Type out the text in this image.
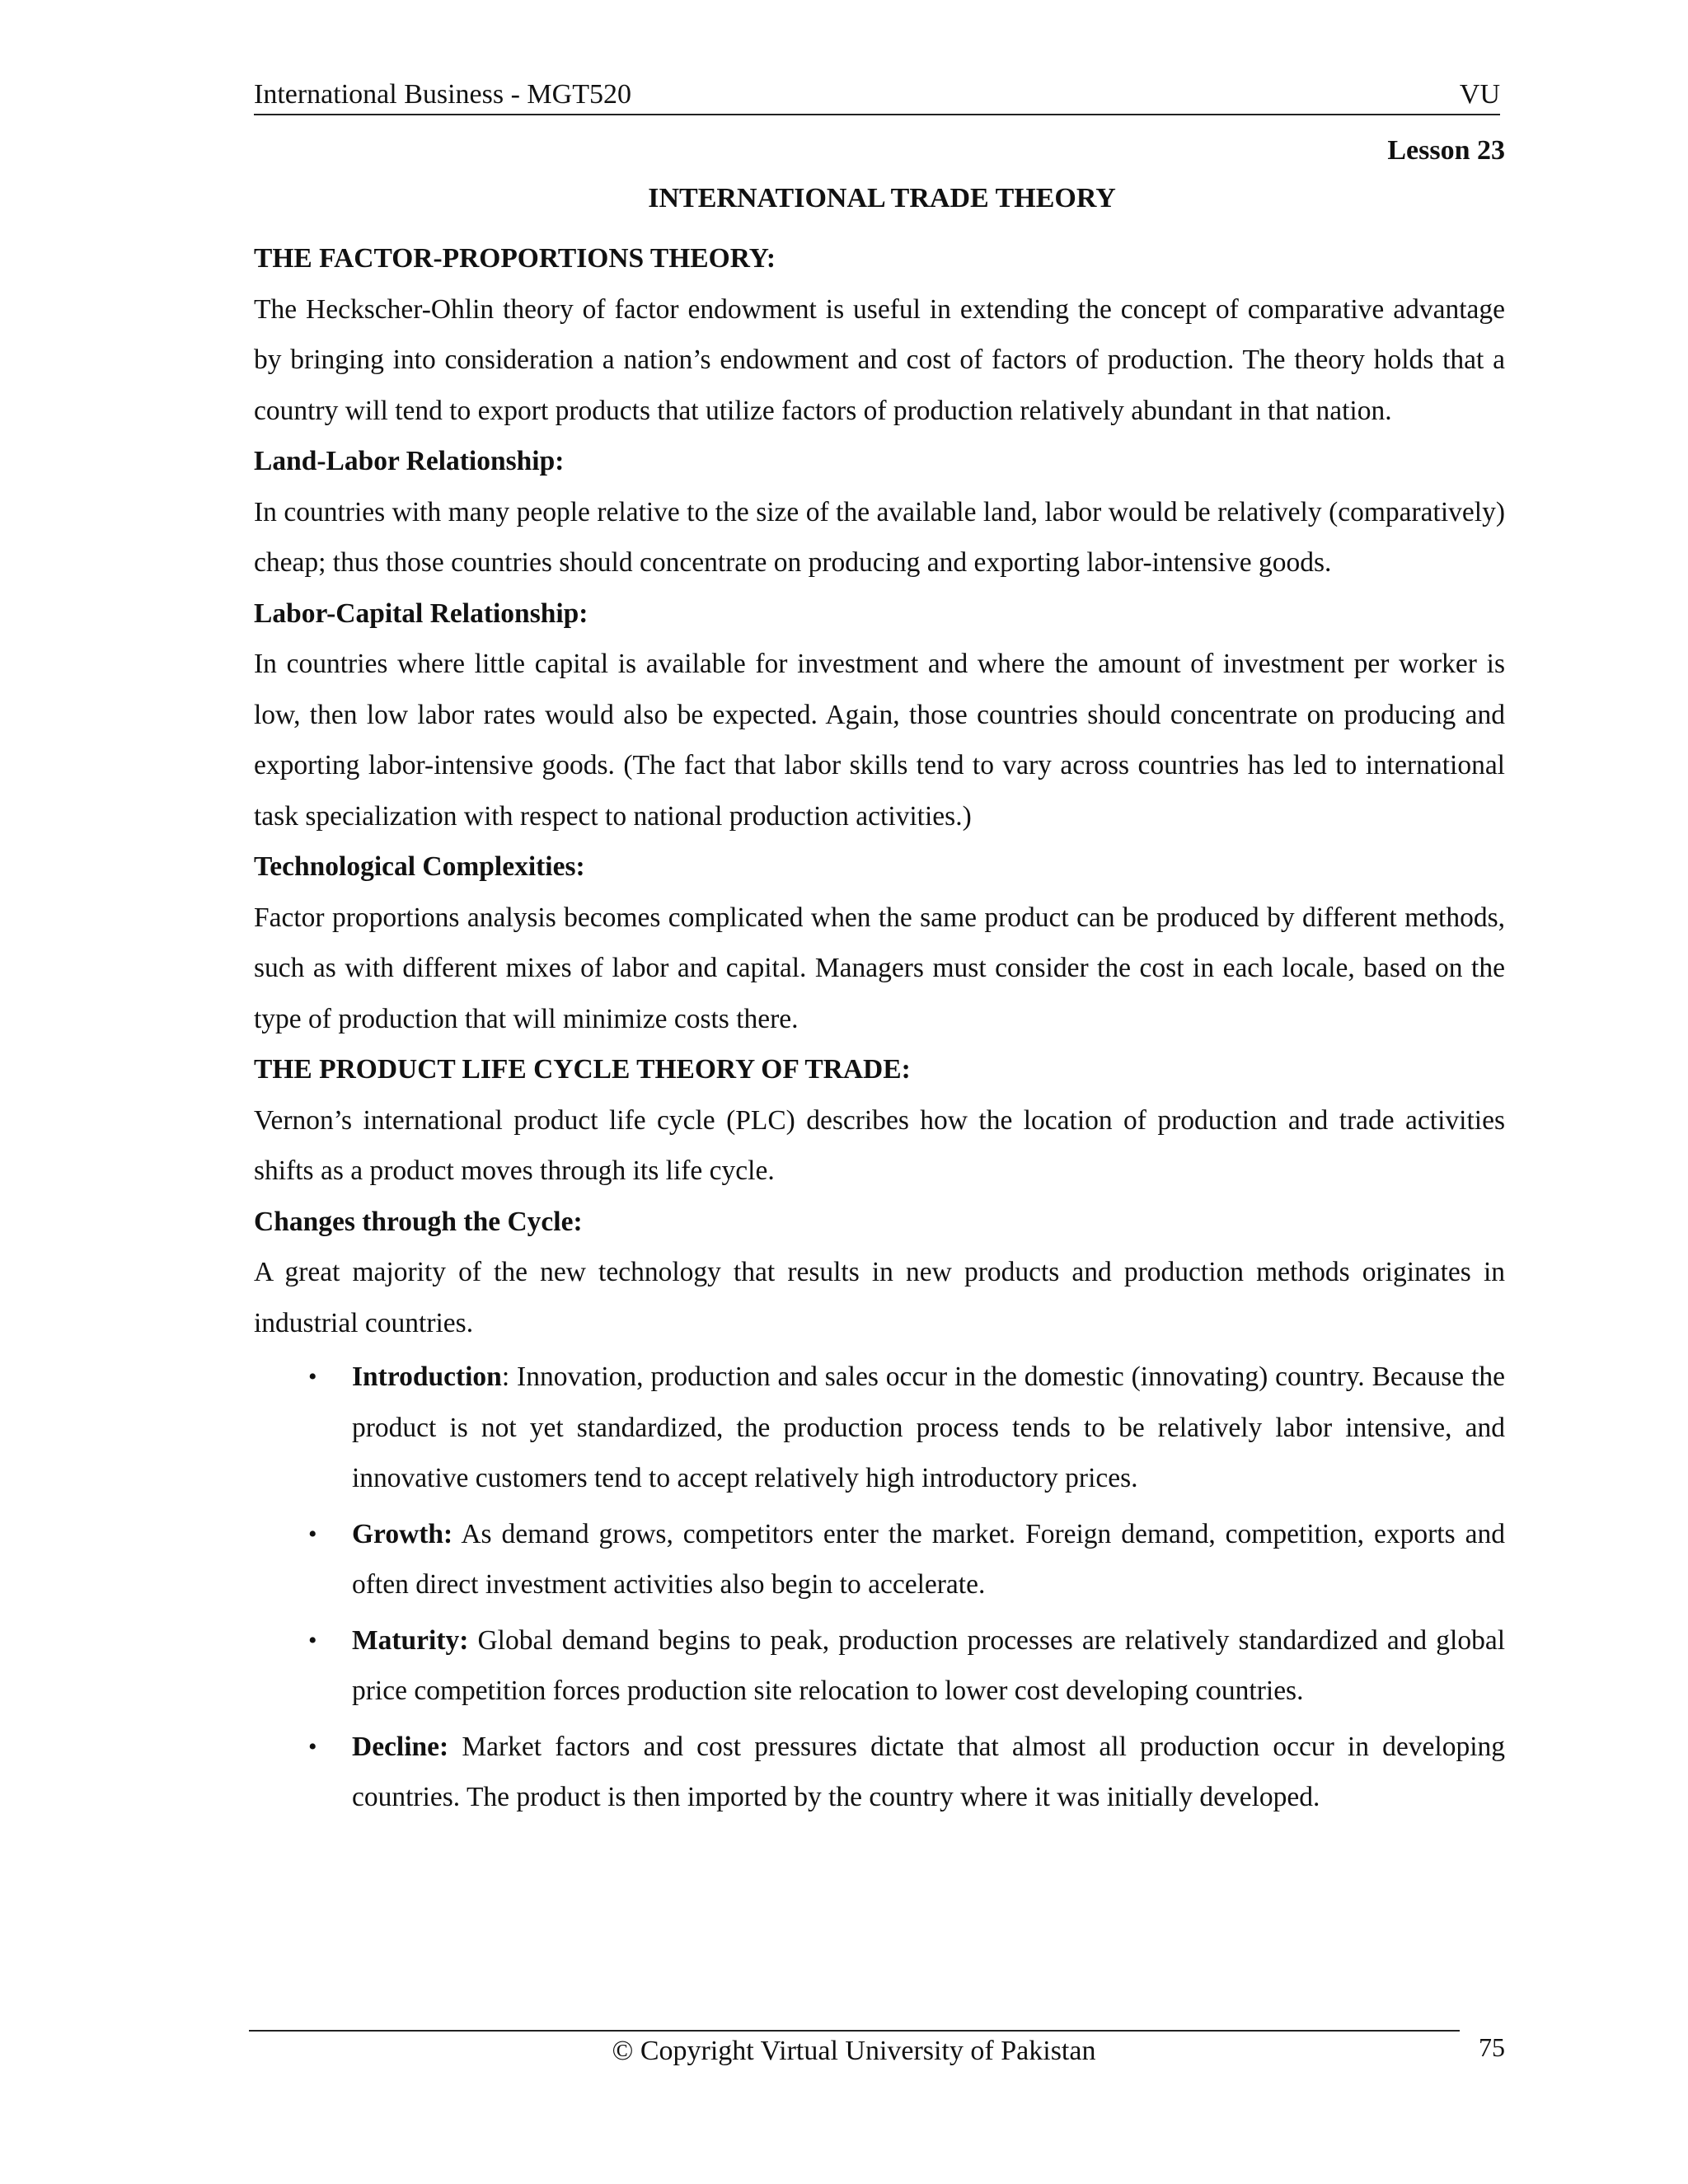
International Business - MGT520	VU
Lesson 23
INTERNATIONAL TRADE THEORY

THE FACTOR-PROPORTIONS THEORY:

The Heckscher-Ohlin theory of factor endowment is useful in extending the concept of comparative advantage by bringing into consideration a nation’s endowment and cost of factors of production. The theory holds that a country will tend to export products that utilize factors of production relatively abundant in that nation.

Land-Labor Relationship:

In countries with many people relative to the size of the available land, labor would be relatively (comparatively) cheap; thus those countries should concentrate on producing and exporting labor-intensive goods.

Labor-Capital Relationship:

In countries where little capital is available for investment and where the amount of investment per worker is low, then low labor rates would also be expected. Again, those countries should concentrate on producing and exporting labor-intensive goods. (The fact that labor skills tend to vary across countries has led to international task specialization with respect to national production activities.)

Technological Complexities:

Factor proportions analysis becomes complicated when the same product can be produced by different methods, such as with different mixes of labor and capital. Managers must consider the cost in each locale, based on the type of production that will minimize costs there.

THE PRODUCT LIFE CYCLE THEORY OF TRADE:

Vernon’s international product life cycle (PLC) describes how the location of production and trade activities shifts as a product moves through its life cycle.

Changes through the Cycle:

A great majority of the new technology that results in new products and production methods originates in industrial countries.

• Introduction: Innovation, production and sales occur in the domestic (innovating) country. Because the product is not yet standardized, the production process tends to be relatively labor intensive, and innovative customers tend to accept relatively high introductory prices.
• Growth: As demand grows, competitors enter the market. Foreign demand, competition, exports and often direct investment activities also begin to accelerate.
• Maturity: Global demand begins to peak, production processes are relatively standardized and global price competition forces production site relocation to lower cost developing countries.
• Decline: Market factors and cost pressures dictate that almost all production occur in developing countries. The product is then imported by the country where it was initially developed.
© Copyright Virtual University of Pakistan	75
